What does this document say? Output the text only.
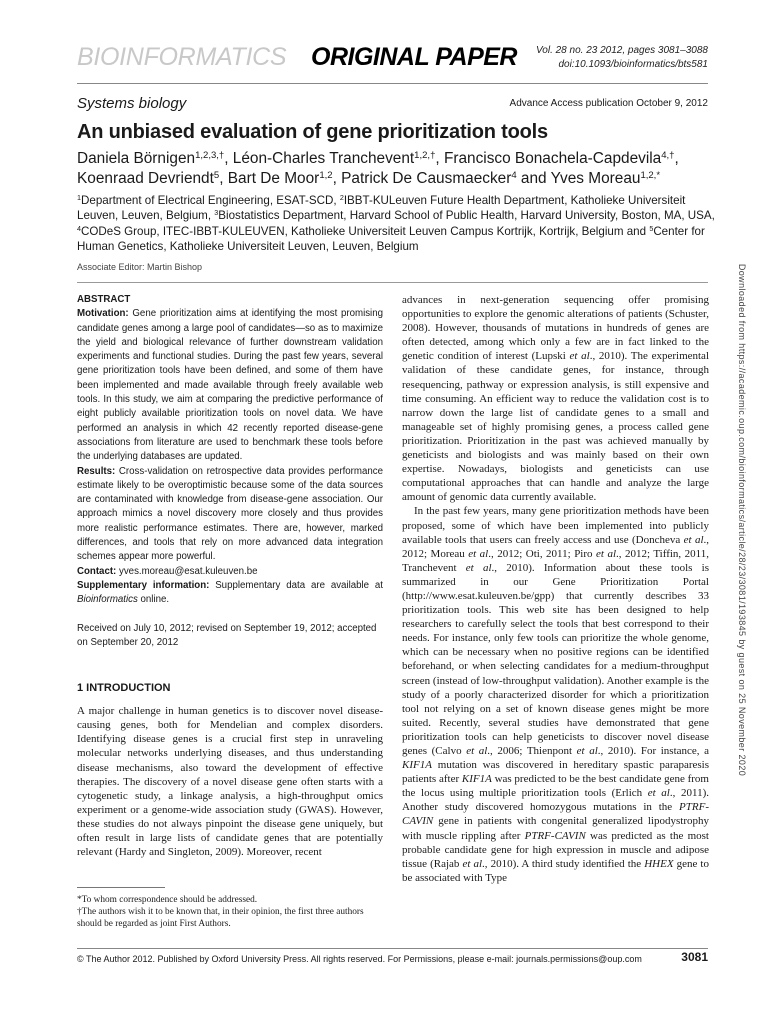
BIOINFORMATICS ORIGINAL PAPER Vol. 28 no. 23 2012, pages 3081–3088
doi:10.1093/bioinformatics/bts581
Systems biology	Advance Access publication October 9, 2012
An unbiased evaluation of gene prioritization tools
Daniela Börnigen$^{1,2,3,\dagger}$, Léon-Charles Tranchevent$^{1,2,\dagger}$, Francisco Bonachela-Capdevila$^{4,\dagger}$, Koenraad Devriendt$^5$, Bart De Moor$^{1,2}$, Patrick De Causmaecker$^4$ and Yves Moreau$^{1,2,*}$
$^1$Department of Electrical Engineering, ESAT-SCD, $^2$IBBT-KULeuven Future Health Department, Katholieke Universiteit Leuven, Leuven, Belgium, $^3$Biostatistics Department, Harvard School of Public Health, Harvard University, Boston, MA, USA, $^4$CODeS Group, ITEC-IBBT-KULEUVEN, Katholieke Universiteit Leuven Campus Kortrijk, Kortrijk, Belgium and $^5$Center for Human Genetics, Katholieke Universiteit Leuven, Leuven, Belgium
Associate Editor: Martin Bishop

ABSTRACT

Motivation: Gene prioritization aims at identifying the most promising candidate genes among a large pool of candidates—so as to maximize the yield and biological relevance of further downstream validation experiments and functional studies. During the past few years, several gene prioritization tools have been defined, and some of them have been implemented and made available through freely available web tools. In this study, we aim at comparing the predictive performance of eight publicly available prioritization tools on novel data. We have performed an analysis in which 42 recently reported disease-gene associations from literature are used to benchmark these tools before the underlying databases are updated.

Results: Cross-validation on retrospective data provides performance estimate likely to be overoptimistic because some of the data sources are contaminated with knowledge from disease-gene association. Our approach mimics a novel discovery more closely and thus provides more realistic performance estimates. There are, however, marked differences, and tools that rely on more advanced data integration schemes appear more powerful.

Contact: yves.moreau@esat.kuleuven.be

Supplementary information: Supplementary data are available at Bioinformatics online.

Received on July 10, 2012; revised on September 19, 2012; accepted on September 20, 2012

1 INTRODUCTION

A major challenge in human genetics is to discover novel disease-causing genes, both for Mendelian and complex disorders. Identifying disease genes is a crucial first step in unraveling molecular networks underlying diseases, and thus understanding disease mechanisms, also toward the development of effective therapies. The discovery of a novel disease gene often starts with a cytogenetic study, a linkage analysis, a high-throughput omics experiment or a genome-wide association study (GWAS). However, these studies do not always pinpoint the disease gene uniquely, but often result in large lists of candidate genes that are potentially relevant (Hardy and Singleton, 2009). Moreover, recent

*To whom correspondence should be addressed.

†The authors wish it to be known that, in their opinion, the first three authors should be regarded as joint First Authors.

advances in next-generation sequencing offer promising opportunities to explore the genomic alterations of patients (Schuster, 2008). However, thousands of mutations in hundreds of genes are often detected, among which only a few are in fact linked to the genetic condition of interest (Lupski et al., 2010). The experimental validation of these candidate genes, for instance, through resequencing, pathway or expression analysis, is still expensive and time consuming. An efficient way to reduce the validation cost is to narrow down the large list of candidate genes to a small and manageable set of highly promising genes, a process called gene prioritization. Prioritization in the past was achieved manually by geneticists and biologists and was mainly based on their own expertise. Nowadays, biologists and geneticists can use computational approaches that can handle and analyze the large amount of genomic data currently available.

In the past few years, many gene prioritization methods have been proposed, some of which have been implemented into publicly available tools that users can freely access and use (Doncheva et al., 2012; Moreau et al., 2012; Oti, 2011; Piro et al., 2012; Tiffin, 2011, Tranchevent et al., 2010). Information about these tools is summarized in our Gene Prioritization Portal (http://www.esat.kuleuven.be/gpp) that currently describes 33 prioritization tools. This web site has been designed to help researchers to carefully select the tools that best correspond to their needs. For instance, only few tools can prioritize the whole genome, which can be necessary when no positive regions can be identified beforehand, or when selecting candidates for a medium-throughput screen (instead of low-throughput validation). Another example is the study of a poorly characterized disorder for which a prioritization tool not relying on a set of known disease genes might be more suited. Recently, several studies have demonstrated that gene prioritization tools can help geneticists to discover novel disease genes (Calvo et al., 2006; Thienpont et al., 2010). For instance, a KIF1A mutation was discovered in hereditary spastic paraparesis patients after KIF1A was predicted to be the best candidate gene from the locus using multiple prioritization tools (Erlich et al., 2011). Another study discovered homozygous mutations in the PTRF-CAVIN gene in patients with congenital generalized lipodystrophy with muscle rippling after PTRF-CAVIN was predicted as the most probable candidate gene for high expression in muscle and adipose tissue (Rajab et al., 2010). A third study identified the HHEX gene to be associated with Type

© The Author 2012. Published by Oxford University Press. All rights reserved. For Permissions, please e-mail: journals.permissions@oup.com	3081
Downloaded from https://academic.oup.com/bioinformatics/article/28/23/3081/193845 by guest on 25 November 2020
